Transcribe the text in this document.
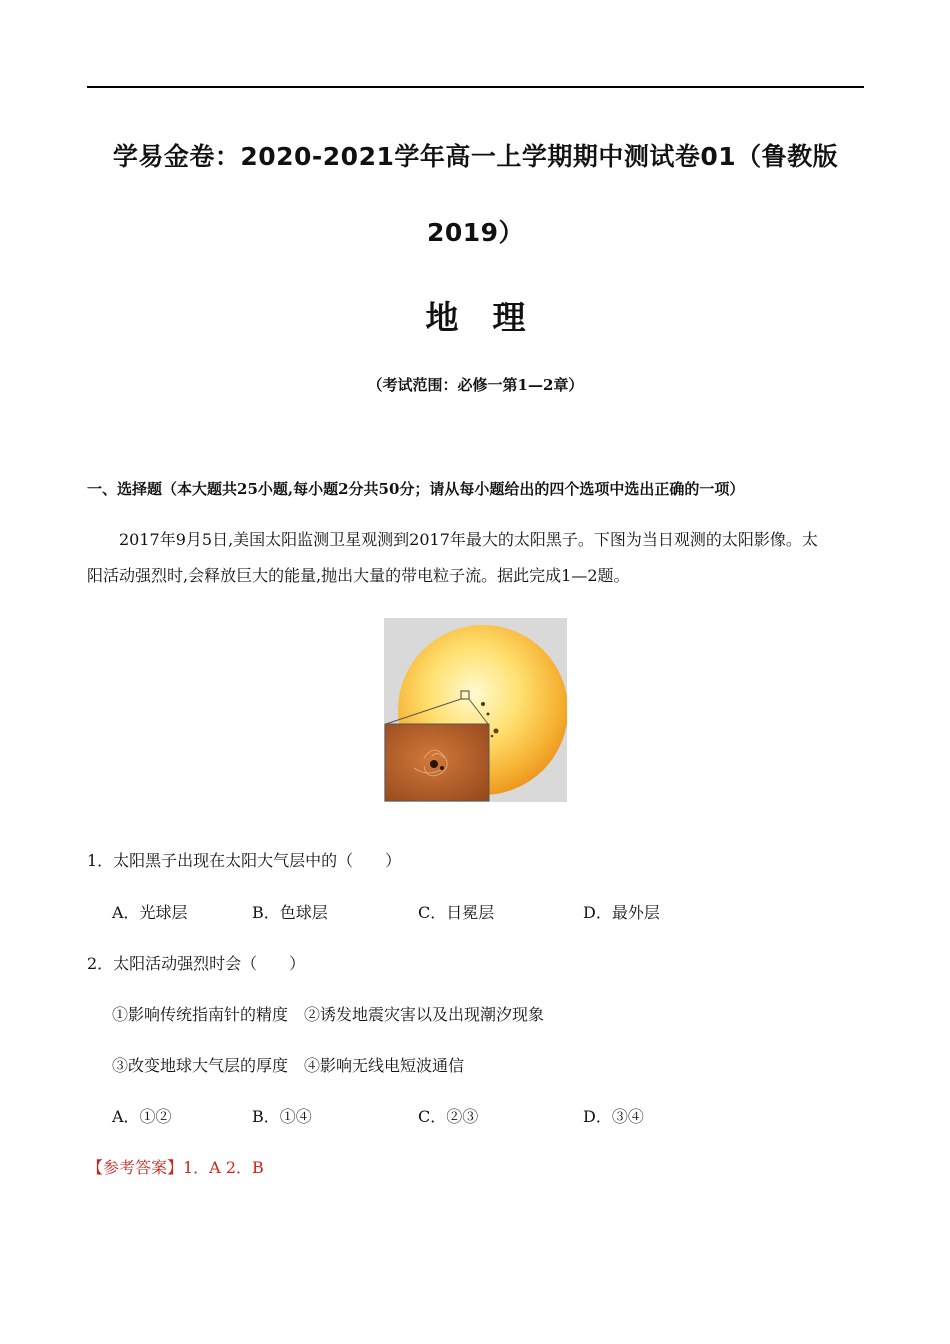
学易金卷：2020-2021学年高一上学期期中测试卷01（鲁教版
2019）
地理
（考试范围：必修一第1—2章）
一、选择题（本大题共25小题,每小题2分共50分；请从每小题给出的四个选项中选出正确的一项）
2017年9月5日,美国太阳监测卫星观测到2017年最大的太阳黑子。下图为当日观测的太阳影像。太
阳活动强烈时,会释放巨大的能量,抛出大量的带电粒子流。据此完成1—2题。
1．太阳黑子出现在太阳大气层中的（　　）
A．光球层	B．色球层	C．日冕层	D．最外层
2．太阳活动强烈时会（　　）
①影响传统指南针的精度　②诱发地震灾害以及出现潮汐现象
③改变地球大气层的厚度　④影响无线电短波通信
A．①②	B．①④	C．②③	D．③④
【参考答案】1．A 2．B
